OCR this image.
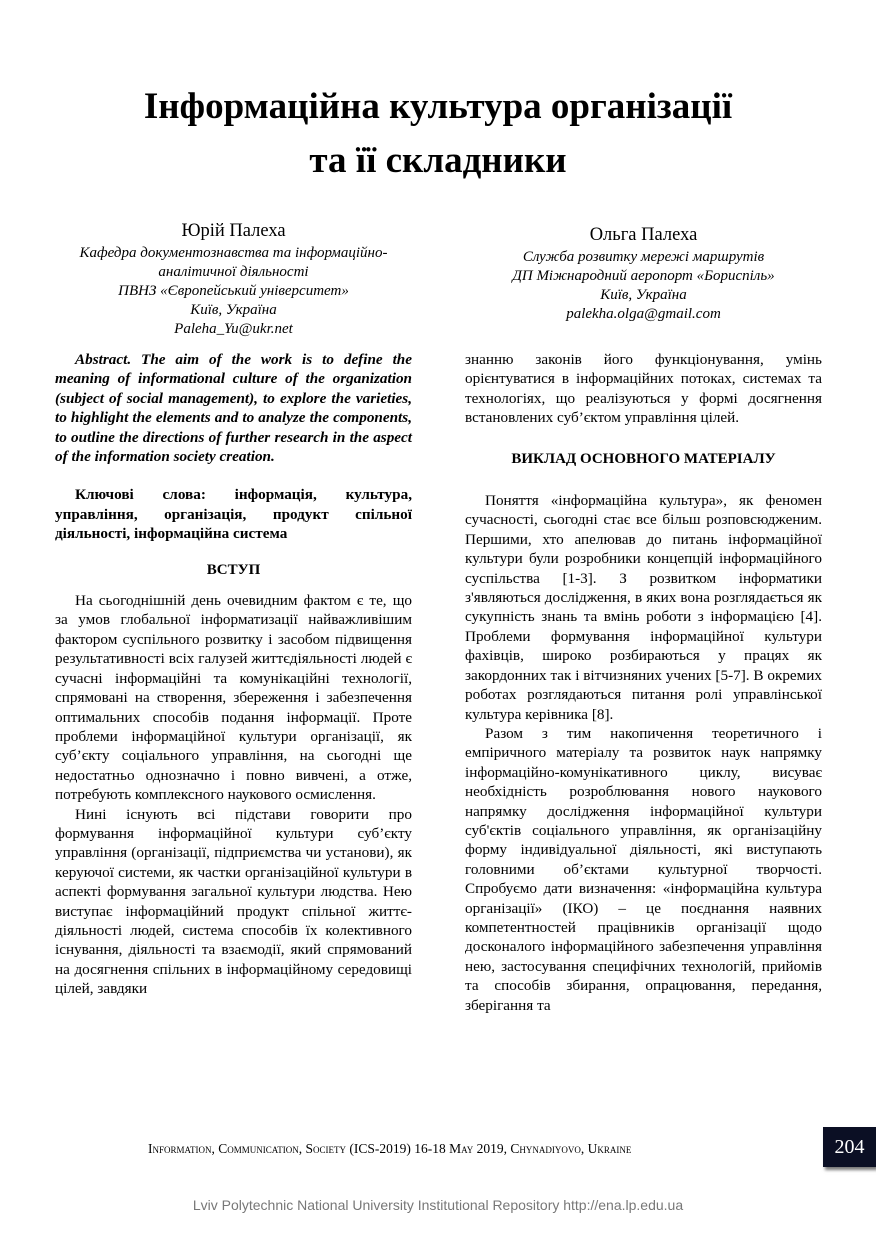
Інформаційна культура організації
та її складники
Юрій Палеха
Кафедра документознавства та інформаційно-
аналітичної діяльності
ПВНЗ «Європейський університет»
Київ, Україна
Paleha_Yu@ukr.net
Ольга Палеха
Служба розвитку мережі маршрутів
ДП Міжнародний аеропорт «Бориспіль»
Київ, Україна
palekha.olga@gmail.com

Abstract. The aim of the work is to define the meaning of informational culture of the organization (subject of social management), to explore the varieties, to highlight the elements and to analyze the components, to outline the directions of further research in the aspect of the information society creation.

Ключові слова: інформація, культура, управління, організація, продукт спільної діяльності, інформаційна система

ВСТУП

На сьогоднішній день очевидним фактом є те, що за умов глобальної інформатизації найважливішим фактором суспільного розвитку і засобом підвищення результативності всіх галузей життєдіяльності людей є сучасні інформаційні та комунікаційні технології, спрямовані на створення, збереження і забезпечення оптимальних способів подання інформації. Проте проблеми інформаційної культури організації, як суб’єкту соціального управління, на сьогодні ще недостатньо однозначно і повно вивчені, а отже, потребують комплексного наукового осмислення.

Нині існують всі підстави говорити про формування інформаційної культури суб’єкту управління (організації, підприємства чи установи), як керуючої системи, як частки організаційної культури в аспекті формування загальної культури людства. Нею виступає інформаційний продукт спільної життє-діяльності людей, система способів їх колективного існування, діяльності та взаємодії, який спрямований на досягнення спільних в інформаційному середовищі цілей, завдяки

знанню законів його функціонування, умінь орієнтуватися в інформаційних потоках, системах та технологіях, що реалізуються у формі досягнення встановлених суб’єктом управління цілей.

ВИКЛАД ОСНОВНОГО МАТЕРІАЛУ

Поняття «інформаційна культура», як феномен сучасності, сьогодні стає все більш розповсюдженим. Першими, хто апелював до питань інформаційної культури були розробники концепцій інформаційного суспільства [1-3]. З розвитком інформатики з'являються дослідження, в яких вона розглядається як сукупність знань та вмінь роботи з інформацією [4]. Проблеми формування інформаційної культури фахівців, широко розбираються у працях як закордонних так і вітчизняних учених [5-7]. В окремих роботах розглядаються питання ролі управлінської культура керівника [8].

Разом з тим накопичення теоретичного і емпіричного матеріалу та розвиток наук напрямку інформаційно-комунікативного циклу, висуває необхідність розроблювання нового наукового напрямку дослідження інформаційної культури суб'єктів соціального управління, як організаційну форму індивідуальної діяльності, які виступають головними об’єктами культурної творчості. Спробуємо дати визначення: «інформаційна культура організації» (ІКО) – це поєднання наявних компетентностей працівників організації щодо досконалого інформаційного забезпечення управління нею, застосування специфічних технологій, прийомів та способів збирання, опрацювання, передання, зберігання та

Information, Communication, Society (ICS-2019) 16-18 May 2019, Chynadiyovo, Ukraine	204
Lviv Polytechnic National University Institutional Repository http://ena.lp.edu.ua
